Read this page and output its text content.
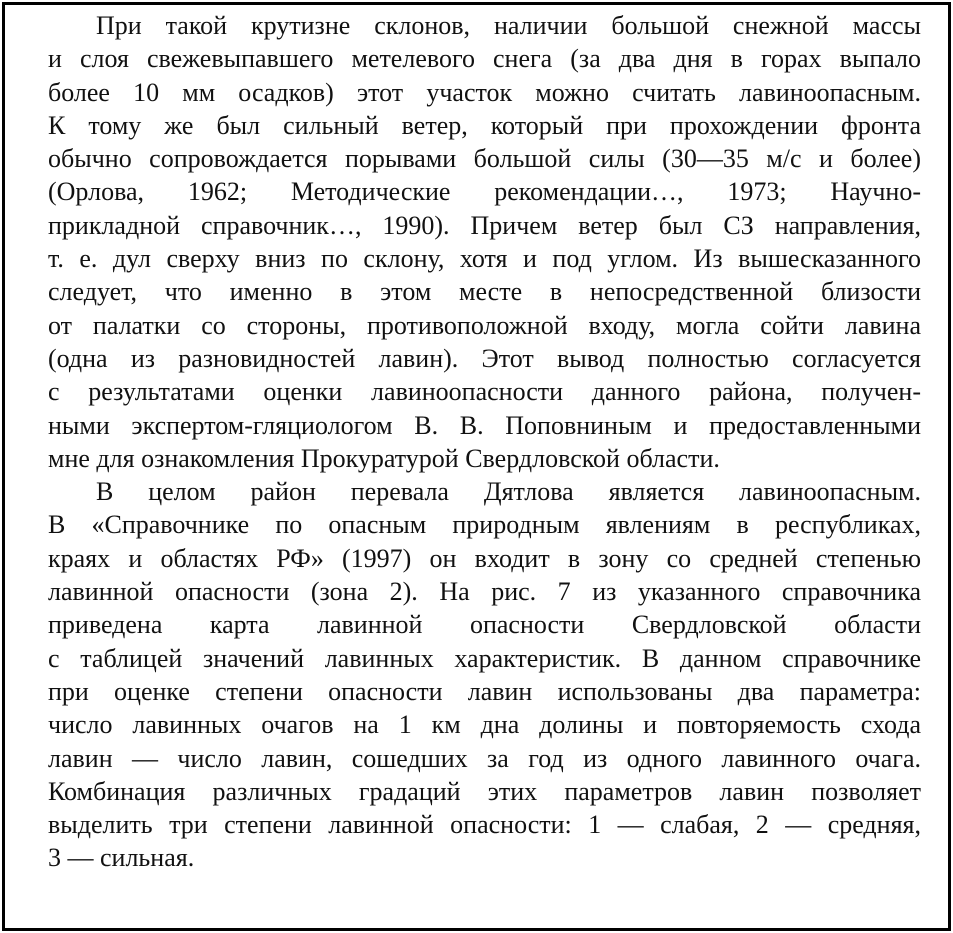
При такой крутизне склонов, наличии большой снежной массы
и слоя свежевыпавшего метелевого снега (за два дня в горах выпало
более 10 мм осадков) этот участок можно считать лавиноопасным.
К тому же был сильный ветер, который при прохождении фронта
обычно сопровождается порывами большой силы (30—35 м/с и более)
(Орлова, 1962; Методические рекомендации…, 1973; Научно-
прикладной справочник…, 1990). Причем ветер был СЗ направления,
т. е. дул сверху вниз по склону, хотя и под углом. Из вышесказанного
следует, что именно в этом месте в непосредственной близости
от палатки со стороны, противоположной входу, могла сойти лавина
(одна из разновидностей лавин). Этот вывод полностью согласуется
с результатами оценки лавиноопасности данного района, получен-
ными экспертом-гляциологом В. В. Поповниным и предоставленными
мне для ознакомления Прокуратурой Свердловской области.

В целом район перевала Дятлова является лавиноопасным.
В «Справочнике по опасным природным явлениям в республиках,
краях и областях РФ» (1997) он входит в зону со средней степенью
лавинной опасности (зона 2). На рис. 7 из указанного справочника
приведена карта лавинной опасности Свердловской области
с таблицей значений лавинных характеристик. В данном справочнике
при оценке степени опасности лавин использованы два параметра:
число лавинных очагов на 1 км дна долины и повторяемость схода
лавин — число лавин, сошедших за год из одного лавинного очага.
Комбинация различных градаций этих параметров лавин позволяет
выделить три степени лавинной опасности: 1 — слабая, 2 — средняя,
3 — сильная.
